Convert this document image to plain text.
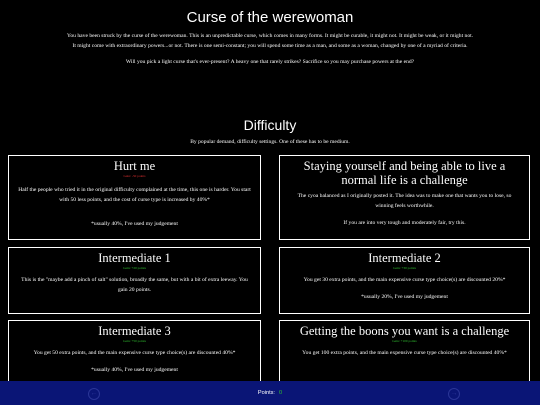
Curse of the werewoman

You have been struck by the curse of the werewoman. This is an unpredictable curse, which comes in many forms. It might be curable, it might not. It might be weak, or it might not. It might come with extraordinary powers...or not. There is one semi-constant; you will spend some time as a man, and some as a woman, changed by one of a myriad of criteria.

Will you pick a light curse that's ever-present? A heavy one that rarely strikes? Sacrifice so you may purchase powers at the end?

Difficulty
By popular demand, difficulty settings. One of these has to be medium.
Hurt me
Gain: -50 points
Half the people who tried it in the original difficulty complained at the time, this one is harder. You start with 50 less points, and the cost of curse type is increased by 40%*
*usually 40%, I've used my judgement
Staying yourself and being able to live a normal life is a challenge
The cyoa balanced as I originally posted it. The idea was to make one that wants you to lose, so winning feels worthwhile.
If you are into very tough and moderately fair, try this.
Intermediate 1
Gain: +20 points
This is the "maybe add a pinch of salt" solution, broadly the same, but with a bit of extra leeway. You gain 20 points.
Intermediate 2
Gain: +30 points
You get 30 extra points, and the main expensive curse type choice(s) are discounted 20%*
*usually 20%, I've used my judgement
Intermediate 3
Gain: +50 points
You get 50 extra points, and the main expensive curse type choice(s) are discounted 40%*
*usually 40%, I've used my judgement
Getting the boons you want is a challenge
Gain: +100 points
You get 100 extra points, and the main expensive curse type choice(s) are discounted 40%*
←	Points: 0	→
